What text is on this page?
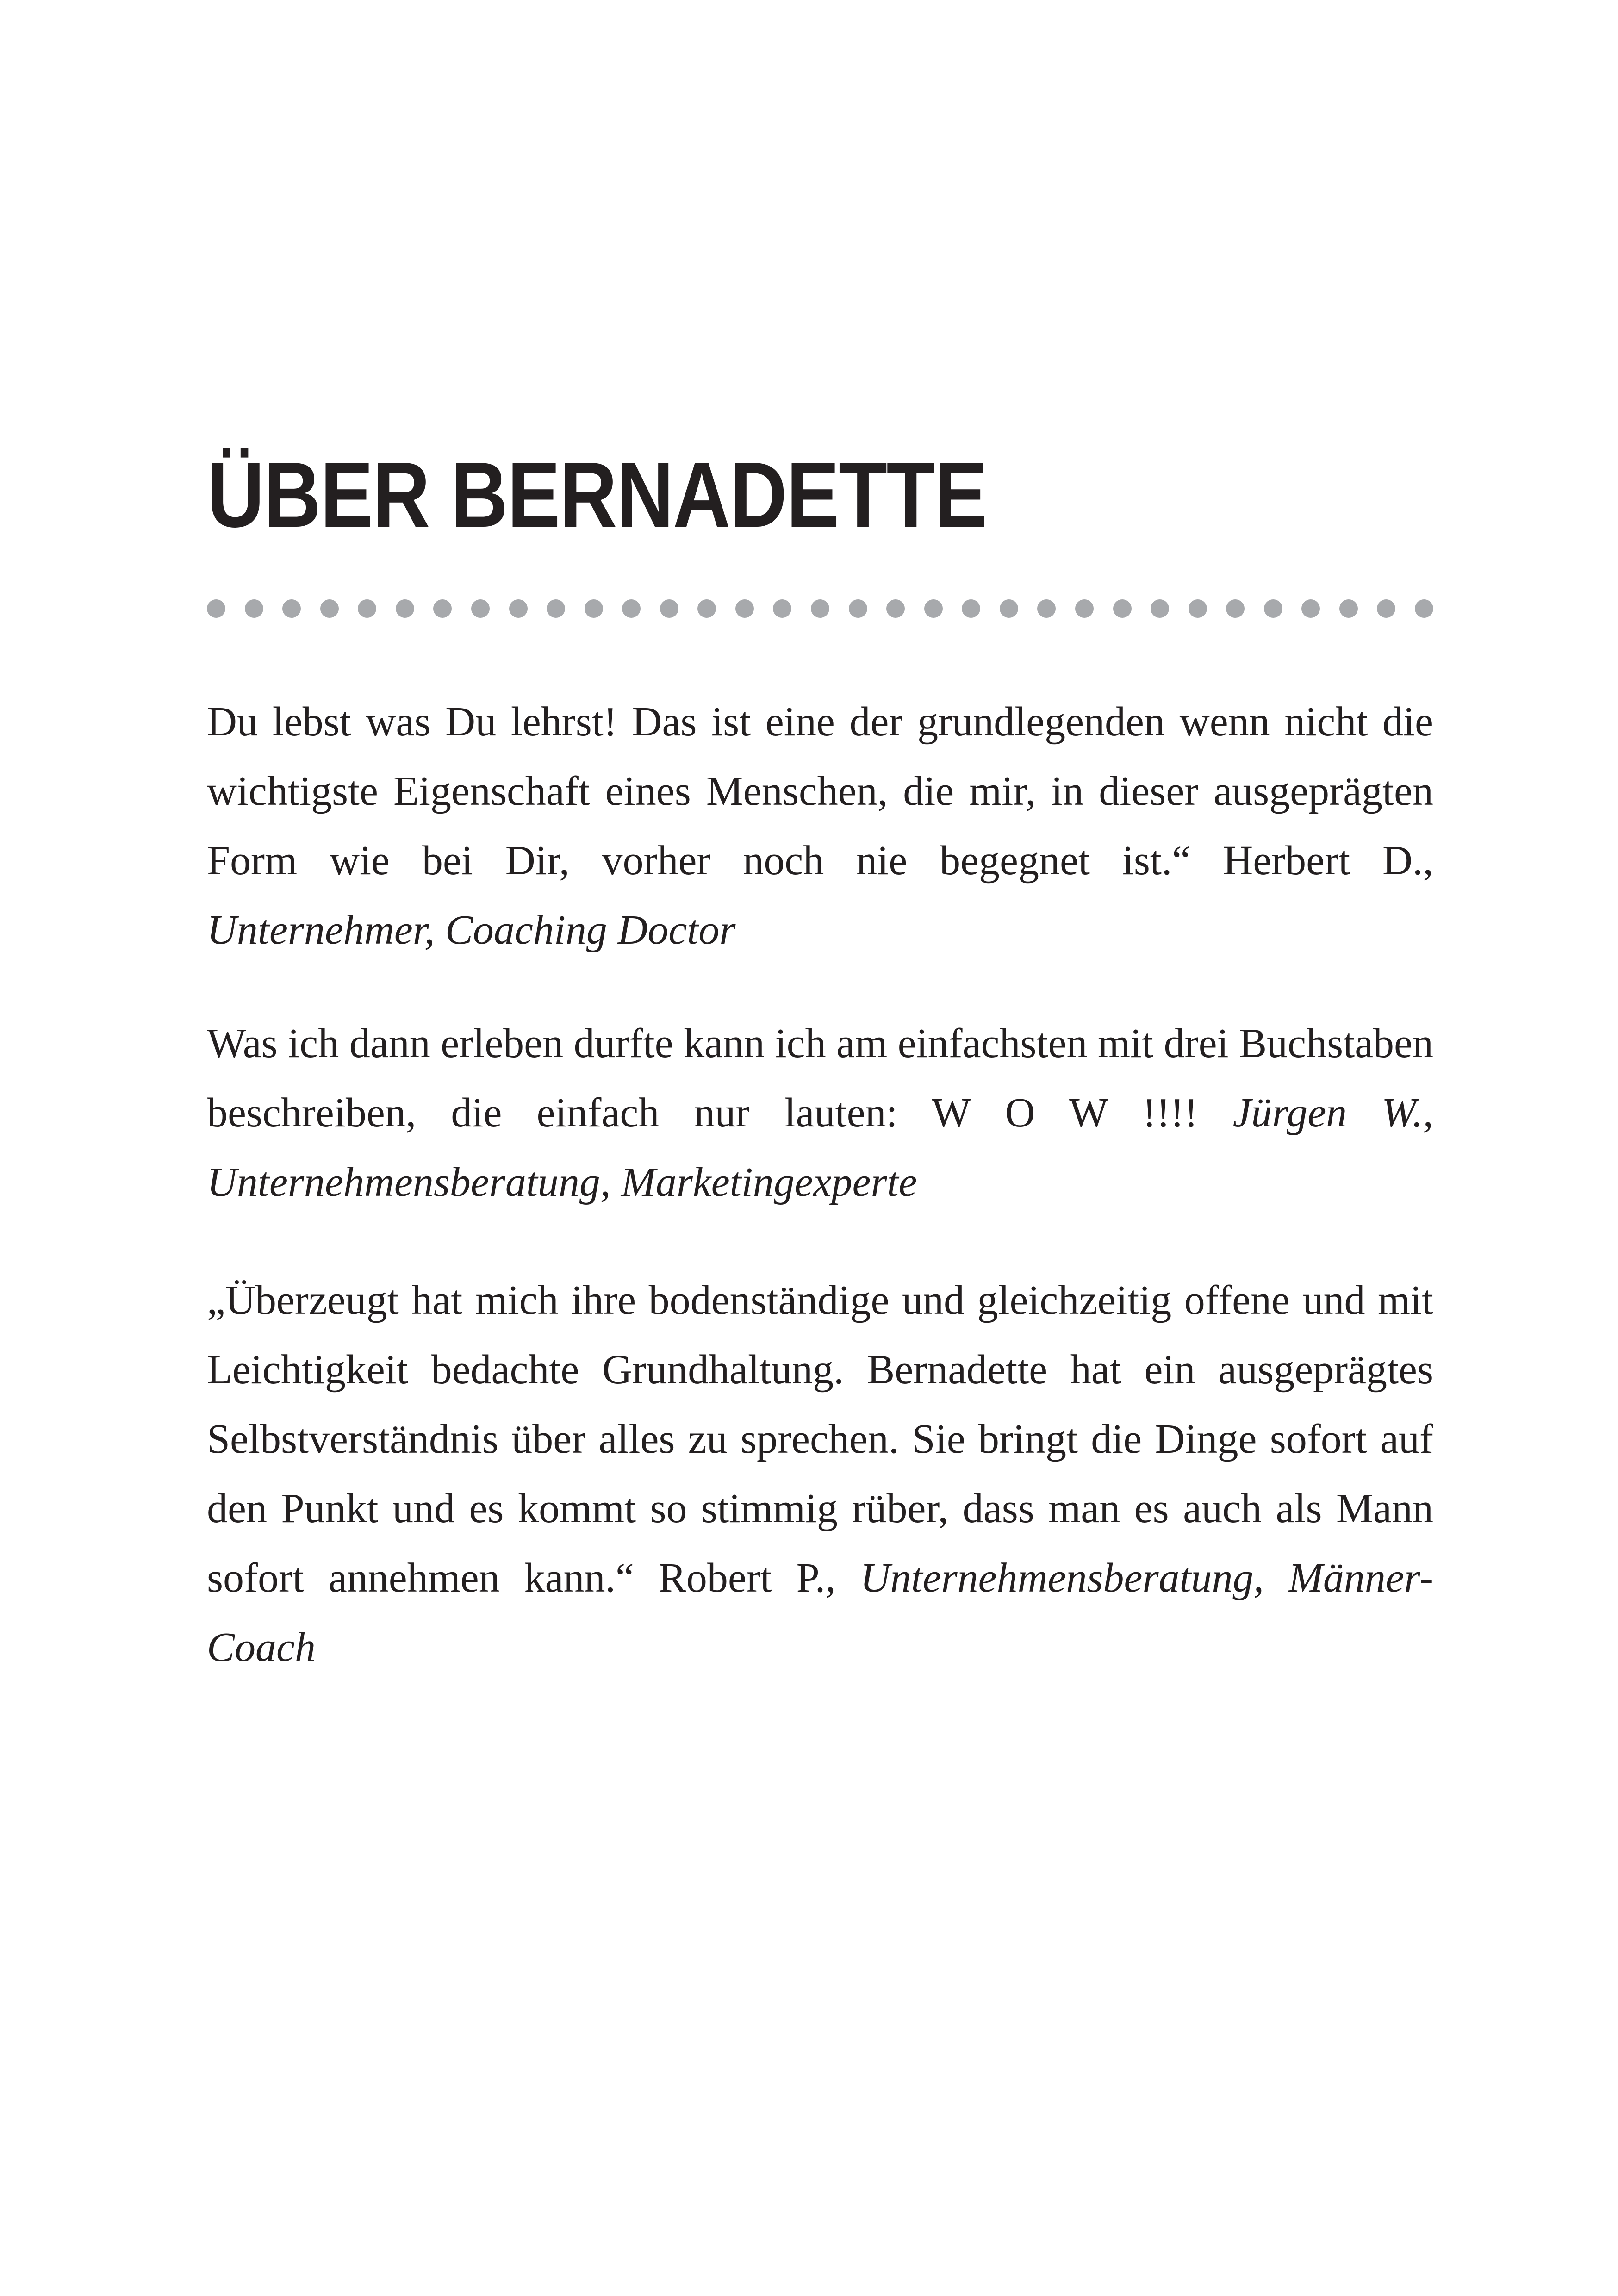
ÜBER BERNADETTE

Du lebst was Du lehrst! Das ist eine der grundlegenden wenn nicht die wichtigste Eigenschaft eines Menschen, die mir, in dieser ausgeprägten Form wie bei Dir, vorher noch nie begegnet ist.“ Herbert D., Unternehmer, Coaching Doctor

Was ich dann erleben durfte kann ich am einfachsten mit drei Buchstaben beschreiben, die einfach nur lauten: W O W !!!! Jürgen W., Unternehmensberatung, Marketingexperte

„Überzeugt hat mich ihre bodenständige und gleichzeitig offene und mit Leichtigkeit bedachte Grundhaltung. Bernadette hat ein ausgeprägtes Selbstverständnis über alles zu sprechen. Sie bringt die Dinge sofort auf den Punkt und es kommt so stimmig rüber, dass man es auch als Mann sofort annehmen kann.“ Robert P., Unternehmensberatung, Männer-Coach
